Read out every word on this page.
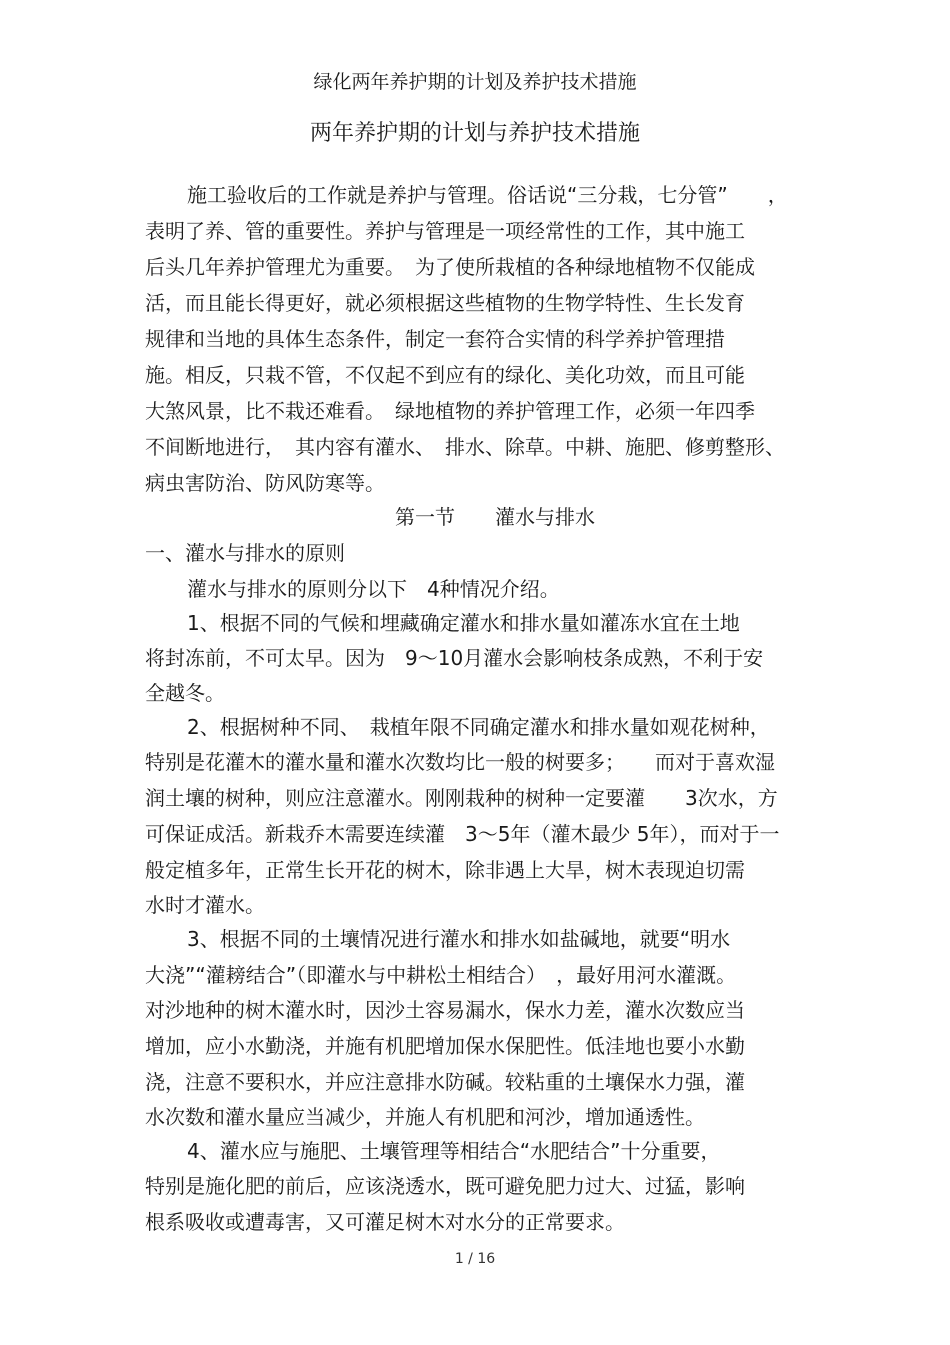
绿化两年养护期的计划及养护技术措施
两年养护期的计划与养护技术措施
施工验收后的工作就是养护与管理。俗话说“三分栽，七分管”　　，
表明了养、管的重要性。养护与管理是一项经常性的工作，其中施工
后头几年养护管理尤为重要。　为了使所栽植的各种绿地植物不仅能成
活，而且能长得更好，就必须根据这些植物的生物学特性、生长发育
规律和当地的具体生态条件，制定一套符合实情的科学养护管理措
施。相反，只栽不管，不仅起不到应有的绿化、美化功效，而且可能
大煞风景，比不栽还难看。　绿地植物的养护管理工作，必须一年四季
不间断地进行，　其内容有灌水、　排水、除草。中耕、施肥、修剪整形、
病虫害防治、防风防寒等。
第一节　　灌水与排水
一、灌水与排水的原则
灌水与排水的原则分以下　4种情况介绍。
1、根据不同的气候和埋藏确定灌水和排水量如灌冻水宜在土地
将封冻前，不可太早。因为　9～10月灌水会影响枝条成熟，不利于安
全越冬。
2、根据树种不同、　栽植年限不同确定灌水和排水量如观花树种，
特别是花灌木的灌水量和灌水次数均比一般的树要多；　　而对于喜欢湿
润土壤的树种，则应注意灌水。刚刚栽种的树种一定要灌　　3次水，方
可保证成活。新栽乔木需要连续灌　3～5年（灌木最少 5年），而对于一
般定植多年，正常生长开花的树木，除非遇上大旱，树木表现迫切需
水时才灌水。
3、根据不同的土壤情况进行灌水和排水如盐碱地，就要“明水
大浇”“灌耪结合”（即灌水与中耕松土相结合）　，最好用河水灌溉。
对沙地种的树木灌水时，因沙土容易漏水，保水力差，灌水次数应当
增加，应小水勤浇，并施有机肥增加保水保肥性。低洼地也要小水勤
浇，注意不要积水，并应注意排水防碱。较粘重的土壤保水力强，灌
水次数和灌水量应当减少，并施人有机肥和河沙，增加通透性。
4、灌水应与施肥、土壤管理等相结合“水肥结合”十分重要，
特别是施化肥的前后，应该浇透水，既可避免肥力过大、过猛，影响
根系吸收或遭毒害，又可灌足树木对水分的正常要求。
1 / 16
